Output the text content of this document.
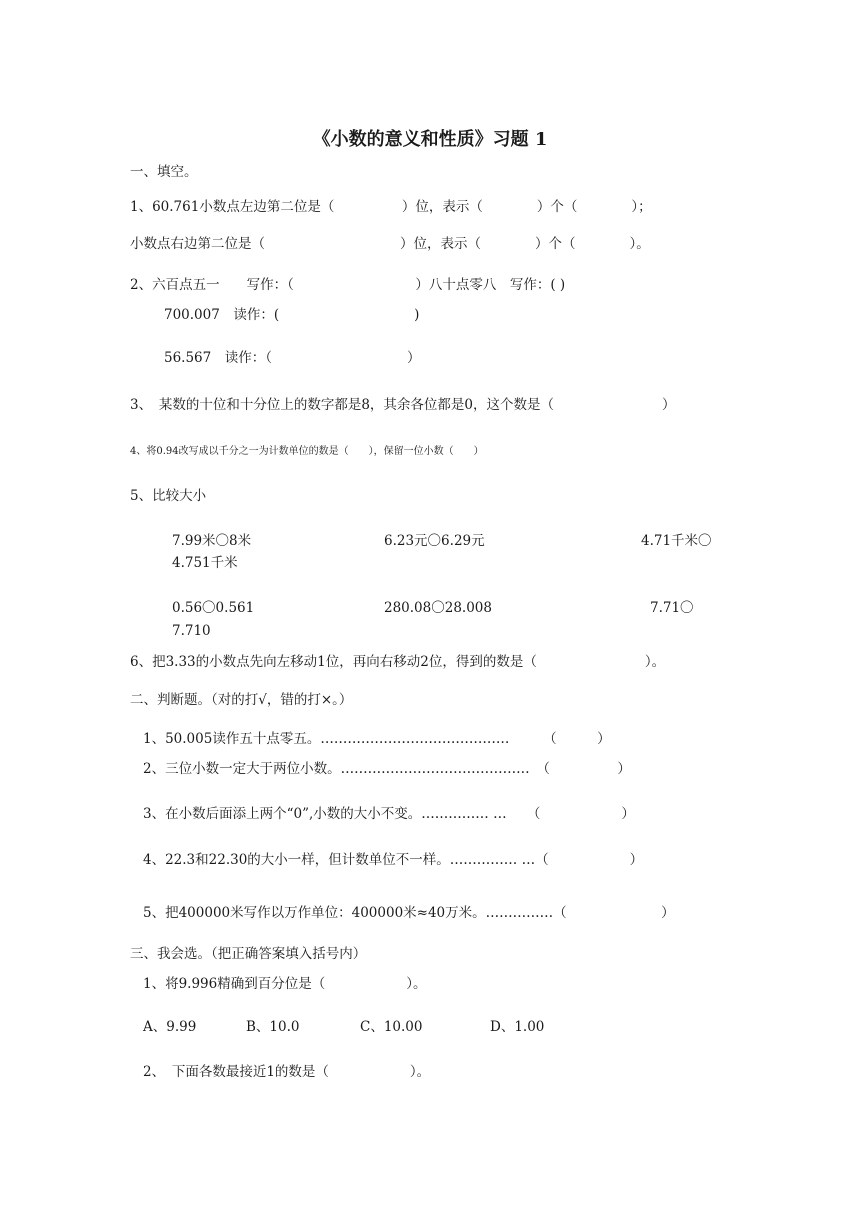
《小数的意义和性质》习题 1
一、填空。
1、60.761小数点左边第二位是（　　　　　）位，表示（　　　　）个（　　　　）；
小数点右边第二位是（　　　　　　　　　　）位，表示（　　　　）个（　　　　）。
2、六百点五一　　写作：（　　　　　　　　　）八十点零八　写作：( )
700.007　读作：(　　　　　　　　　　)
56.567　读作：（　　　　　　　　　　）
3、　某数的十位和十分位上的数字都是8，其余各位都是0，这个数是（　　　　　　　　）
4、将0.94改写成以千分之一为计数单位的数是（　　），保留一位小数（　　）
5、比较大小
7.99米〇8米	6.23元〇6.29元	4.71千米〇
4.751千米
0.56〇0.561	280.08〇28.008	7.71〇
7.710
6、把3.33的小数点先向左移动1位，再向右移动2位，得到的数是（　　　　　　　　）。
二、判断题。（对的打√，错的打×。）
1、50.005读作五十点零五。……………………………………　　　（　　　）
2、三位小数一定大于两位小数。……………………………………　（　　　　　）
3、在小数后面添上两个“0”,小数的大小不变。…………… …　　（　　　　　　）
4、22.3和22.30的大小一样，但计数单位不一样。…………… …（　　　　　　）
5、把400000米写作以万作单位：400000米≈40万米。……………（　　　　　　　）
三、我会选。（把正确答案填入括号内）
1、将9.996精确到百分位是（　　　　　　）。
A、9.99	B、10.0	C、10.00	D、1.00
2、　下面各数最接近1的数是（　　　　　　）。
